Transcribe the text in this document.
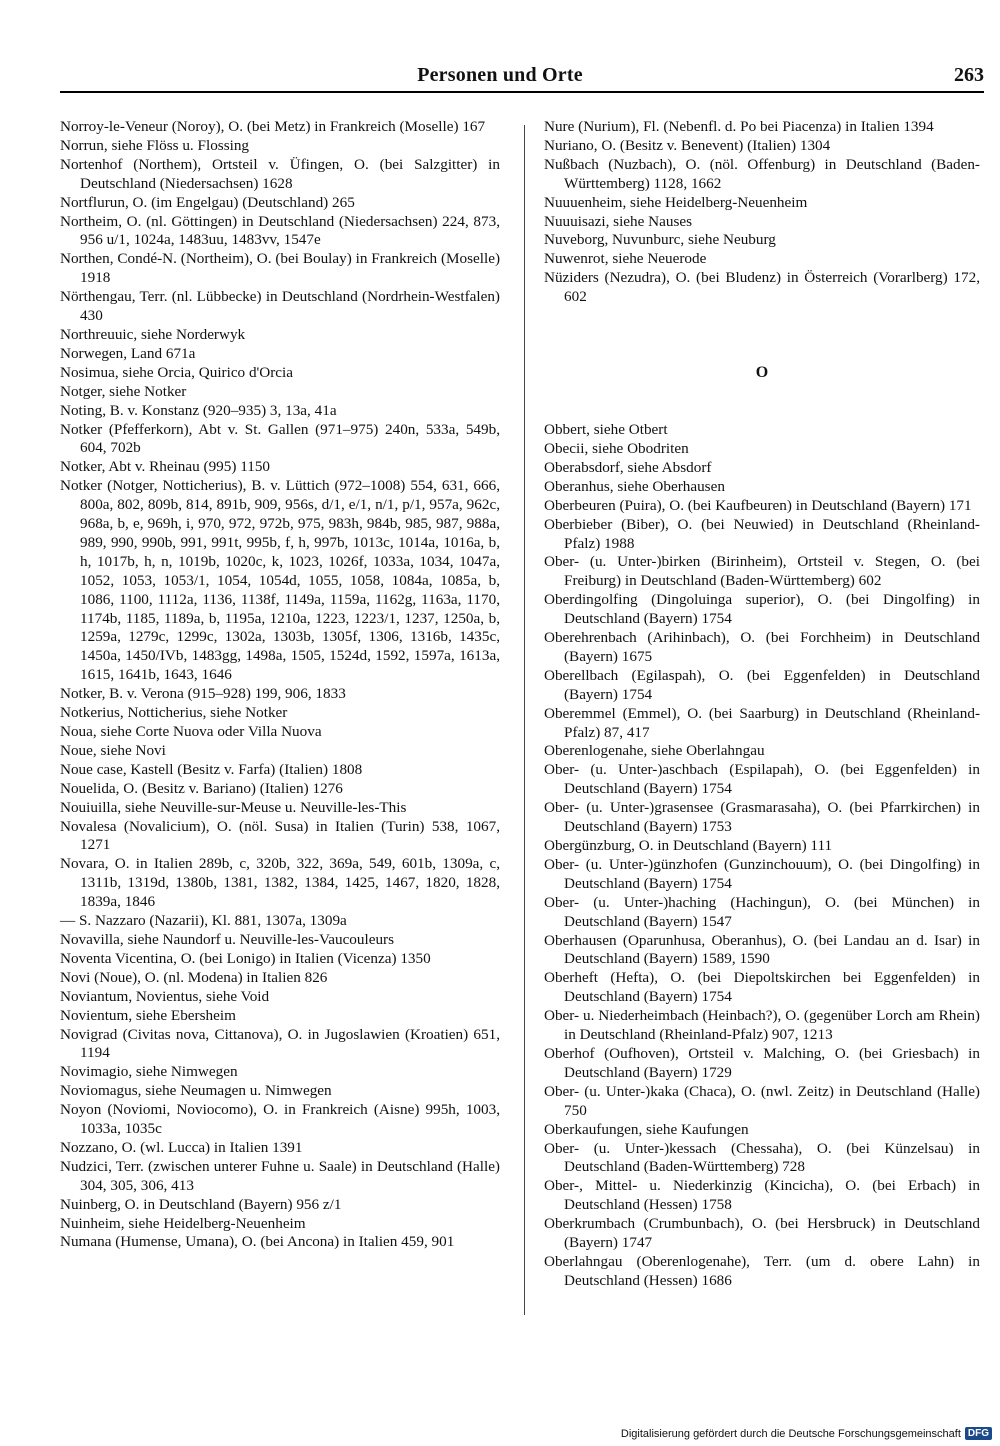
Personen und Orte	263

Norroy-le-Veneur (Noroy), O. (bei Metz) in Frankreich (Moselle) 167

Norrun, siehe Flöss u. Flossing

Nortenhof (Northem), Ortsteil v. Üfingen, O. (bei Salzgitter) in Deutschland (Niedersachsen) 1628

Nortflurun, O. (im Engelgau) (Deutschland) 265

Northeim, O. (nl. Göttingen) in Deutschland (Niedersachsen) 224, 873, 956 u/1, 1024a, 1483uu, 1483vv, 1547e

Northen, Condé-N. (Northeim), O. (bei Boulay) in Frankreich (Moselle) 1918

Nörthengau, Terr. (nl. Lübbecke) in Deutschland (Nordrhein-Westfalen) 430

Northreuuic, siehe Norderwyk

Norwegen, Land 671a

Nosimua, siehe Orcia, Quirico d'Orcia

Notger, siehe Notker

Noting, B. v. Konstanz (920–935) 3, 13a, 41a

Notker (Pfefferkorn), Abt v. St. Gallen (971–975) 240n, 533a, 549b, 604, 702b

Notker, Abt v. Rheinau (995) 1150

Notker (Notger, Notticherius), B. v. Lüttich (972–1008) 554, 631, 666, 800a, 802, 809b, 814, 891b, 909, 956s, d/1, e/1, n/1, p/1, 957a, 962c, 968a, b, e, 969h, i, 970, 972, 972b, 975, 983h, 984b, 985, 987, 988a, 989, 990, 990b, 991, 991t, 995b, f, h, 997b, 1013c, 1014a, 1016a, b, h, 1017b, h, n, 1019b, 1020c, k, 1023, 1026f, 1033a, 1034, 1047a, 1052, 1053, 1053/1, 1054, 1054d, 1055, 1058, 1084a, 1085a, b, 1086, 1100, 1112a, 1136, 1138f, 1149a, 1159a, 1162g, 1163a, 1170, 1174b, 1185, 1189a, b, 1195a, 1210a, 1223, 1223/1, 1237, 1250a, b, 1259a, 1279c, 1299c, 1302a, 1303b, 1305f, 1306, 1316b, 1435c, 1450a, 1450/IVb, 1483gg, 1498a, 1505, 1524d, 1592, 1597a, 1613a, 1615, 1641b, 1643, 1646

Notker, B. v. Verona (915–928) 199, 906, 1833

Notkerius, Notticherius, siehe Notker

Noua, siehe Corte Nuova oder Villa Nuova

Noue, siehe Novi

Noue case, Kastell (Besitz v. Farfa) (Italien) 1808

Nouelida, O. (Besitz v. Bariano) (Italien) 1276

Nouiuilla, siehe Neuville-sur-Meuse u. Neuville-les-This

Novalesa (Novalicium), O. (nöl. Susa) in Italien (Turin) 538, 1067, 1271

Novara, O. in Italien 289b, c, 320b, 322, 369a, 549, 601b, 1309a, c, 1311b, 1319d, 1380b, 1381, 1382, 1384, 1425, 1467, 1820, 1828, 1839a, 1846

— S. Nazzaro (Nazarii), Kl. 881, 1307a, 1309a

Novavilla, siehe Naundorf u. Neuville-les-Vaucouleurs

Noventa Vicentina, O. (bei Lonigo) in Italien (Vicenza) 1350

Novi (Noue), O. (nl. Modena) in Italien 826

Noviantum, Novientus, siehe Void

Novientum, siehe Ebersheim

Novigrad (Civitas nova, Cittanova), O. in Jugoslawien (Kroatien) 651, 1194

Novimagio, siehe Nimwegen

Noviomagus, siehe Neumagen u. Nimwegen

Noyon (Noviomi, Noviocomo), O. in Frankreich (Aisne) 995h, 1003, 1033a, 1035c

Nozzano, O. (wl. Lucca) in Italien 1391

Nudzici, Terr. (zwischen unterer Fuhne u. Saale) in Deutschland (Halle) 304, 305, 306, 413

Nuinberg, O. in Deutschland (Bayern) 956 z/1

Nuinheim, siehe Heidelberg-Neuenheim

Numana (Humense, Umana), O. (bei Ancona) in Italien 459, 901

Nure (Nurium), Fl. (Nebenfl. d. Po bei Piacenza) in Italien 1394

Nuriano, O. (Besitz v. Benevent) (Italien) 1304

Nußbach (Nuzbach), O. (nöl. Offenburg) in Deutschland (Baden-Württemberg) 1128, 1662

Nuuuenheim, siehe Heidelberg-Neuenheim

Nuuuisazi, siehe Nauses

Nuveborg, Nuvunburc, siehe Neuburg

Nuwenrot, siehe Neuerode

Nüziders (Nezudra), O. (bei Bludenz) in Österreich (Vorarlberg) 172, 602

O

Obbert, siehe Otbert

Obecii, siehe Obodriten

Oberabsdorf, siehe Absdorf

Oberanhus, siehe Oberhausen

Oberbeuren (Puira), O. (bei Kaufbeuren) in Deutschland (Bayern) 171

Oberbieber (Biber), O. (bei Neuwied) in Deutschland (Rheinland-Pfalz) 1988

Ober- (u. Unter-)birken (Birinheim), Ortsteil v. Stegen, O. (bei Freiburg) in Deutschland (Baden-Württemberg) 602

Oberdingolfing (Dingoluinga superior), O. (bei Dingolfing) in Deutschland (Bayern) 1754

Oberehrenbach (Arihinbach), O. (bei Forchheim) in Deutschland (Bayern) 1675

Oberellbach (Egilaspah), O. (bei Eggenfelden) in Deutschland (Bayern) 1754

Oberemmel (Emmel), O. (bei Saarburg) in Deutschland (Rheinland-Pfalz) 87, 417

Oberenlogenahe, siehe Oberlahngau

Ober- (u. Unter-)aschbach (Espilapah), O. (bei Eggenfelden) in Deutschland (Bayern) 1754

Ober- (u. Unter-)grasensee (Grasmarasaha), O. (bei Pfarrkirchen) in Deutschland (Bayern) 1753

Obergünzburg, O. in Deutschland (Bayern) 111

Ober- (u. Unter-)günzhofen (Gunzinchouum), O. (bei Dingolfing) in Deutschland (Bayern) 1754

Ober- (u. Unter-)haching (Hachingun), O. (bei München) in Deutschland (Bayern) 1547

Oberhausen (Oparunhusa, Oberanhus), O. (bei Landau an d. Isar) in Deutschland (Bayern) 1589, 1590

Oberheft (Hefta), O. (bei Diepoltskirchen bei Eggenfelden) in Deutschland (Bayern) 1754

Ober- u. Niederheimbach (Heinbach?), O. (gegenüber Lorch am Rhein) in Deutschland (Rheinland-Pfalz) 907, 1213

Oberhof (Oufhoven), Ortsteil v. Malching, O. (bei Griesbach) in Deutschland (Bayern) 1729

Ober- (u. Unter-)kaka (Chaca), O. (nwl. Zeitz) in Deutschland (Halle) 750

Oberkaufungen, siehe Kaufungen

Ober- (u. Unter-)kessach (Chessaha), O. (bei Künzelsau) in Deutschland (Baden-Württemberg) 728

Ober-, Mittel- u. Niederkinzig (Kincicha), O. (bei Erbach) in Deutschland (Hessen) 1758

Oberkrumbach (Crumbunbach), O. (bei Hersbruck) in Deutschland (Bayern) 1747

Oberlahngau (Oberenlogenahe), Terr. (um d. obere Lahn) in Deutschland (Hessen) 1686

Digitalisierung gefördert durch die Deutsche Forschungsgemeinschaft DFG
